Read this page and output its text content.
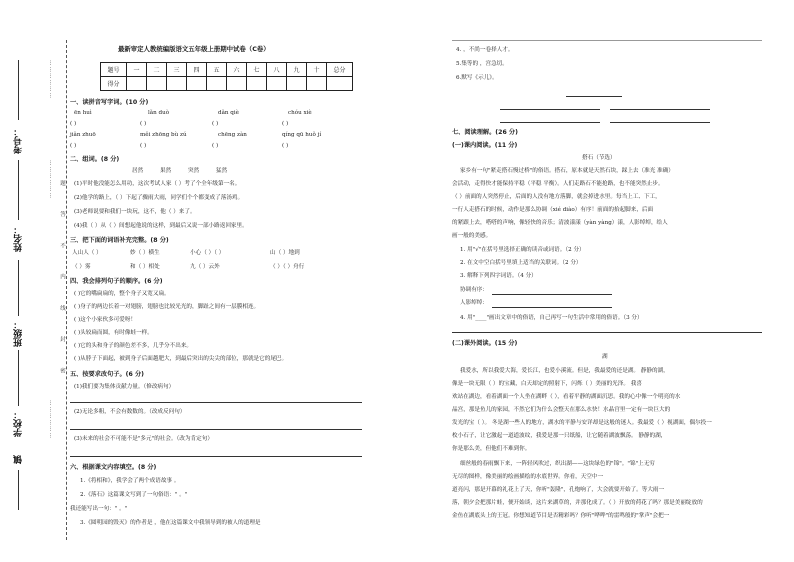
考号：
姓名：
班级：
学校：
镇
………………
………………
题 答 不 内 线 封 密
………………
最新审定人教统编版语文五年级上册期中试卷（C卷）
题号	一	二	三	四	五	六	七	八	九	十	总分
得分											
一、读拼音写字词。(10 分)
ēn huì	lǎn duò	dǎn qiè	chóu xiè
( )	( )	( )	( )
jiǎn zhuō	měi zhōng bù zú	chēng zàn	qíng qū huǒ jí
( )	( )	( )	( )
二、组词。(8 分)
居然	果然	突然	猛然
(1)平时他没能怎么用功，这次考试人家（ ）考了个全年级第一名。
(2)他学的路上，（ ）下起了骤雨大雨，同学们个个都变成了落汤鸡。
(3)老师说要和我们一块玩，这不，他（ ）来了。
(4)我（ ）从（ ）间想起他说的这样，到最后又说一部小路返回家里。
三、把下面的词语补充完整。(8 分)
人山人（ ）	妙（ ）横生	小心（ ）（ ）	山（ ）地到
（ ）雾	和（ ）相处	九（ ）云外	（ ）（ ）舟行
四、我会排列句子的顺序。(6 分)
( )它的嘴扁扁的，整个身子又宽又扁。
( )身子的两边长着一对翅膀，翅膀也比较光光的，脚趾之间有一层膜相连。
( )这个小家伙多可爱呀！
( )头较扁而圆，有时像蛙一样。
( )它的头和身子的颜色差不多，几乎分不出来。
( )从脖子下面起，被到身子后面越肥大，到最后突出的尖尖的部位，那就是它的尾巴。
五、按要求改句子。(6 分)
(1)我们要为集体贡献力量。（修改病句）
(2)无论多粗，不会有数数的。（改成反问句）
(3)未来的社会不可能不是"多元"的社会。（改为肯定句）
六、根据课文内容填空。(8 分)
1.《将相和》，我学会了两个成语故事 。
2.《落石》这篇课文写到了一句俗语：" 。"
我还能写出一句：" 。"
3.《圆明园的毁灭》的作者是 ，他在这篇课文中我领导到的被人的道理是
4. ，不尚一卷择人才。
5.集等的 ，宫急切。
6.默写《示儿》。
七、阅读理解。(26 分)
(一)课内阅读。(11 分)
搭石（节选）
家乡有一句"紧走搭石慢过桥"的俗语。搭石，原本就是天然石块，踩上去（准光 准确）
会活动，走得快才能保持平稳（平稳 平衡）。人们走路石不能抢路，也不能突然止步。
（ ）前面的人突然停止，后面的人没有地方落脚，就会掉进水里。每当上工、下工，
一行人走搭石的时候，动作是那么协调（xié diào）有序！前面的抬起脚来，后面
的紧跟上去，嗒嗒的声响，像轻快的音乐；清波漾漾（yàn yàng）漾，人影绰绰，给人
画一般的美感。
1. 用"√"在括号里选择正确的读音或词语。（2 分）
2. 在文中空白括号里填上适当的关联词。（2 分）
3. 解释下列四字词语。（4 分）
协调有序：
人影绰绰：
4. 用"____"画出文章中的俗语，自己再写一句生活中常用的俗语。（3 分）
(二)课外阅读。(15 分)
湖
我爱水，所以我爱大海，爱长江，也爱小溪流。但是，我最爱的还是湖。 静静的湖，
像是一块无限（ ）的宝藏，白天却定的照射下，闪烁（ ）美丽的光泽。 我喜
欢站在湖边，看着湖面一个人坐在湖畔（ ），看着平静的湖面沉思。我的心中像一个明亮的水
晶宫，那是鱼儿的家园，不然它们为什么会整天在那么水快！水晶宫里一定有一块巨大的
发光的宝（ ）。 冬是湖一些人的地方，湖水的平静与安详却是这般的迷人。我最爱（ ）视湖面，偶尔投一
枚小石子，让它激起一道道波纹，我爱是那一只纸船，让它随着湖波飘荡。 静静的湖，
你是那么美，但他们不难到你。
细丝般的春雨飘下来，一阵轻风吹过，织出湖——这块绿色的"锦"。"锦"上无穷
无尽的图样，像美丽的绘画描绘的水底世界。你看，天空中一
道亮闪，那是开幕的礼花上了天，你听"轰隆"，孔炮响了，大会就要开始了。等大雨一
落，朝夕会把那片蛙，便开始谈，这片来湖草的，并那化成了。（ ）开放的荷花了吗？那是美丽绽放的
金鱼在湖底头上的王冠。你想知道节目是否精彩吗？你听"哗哗"的雷鸣般的"掌声"会把一
